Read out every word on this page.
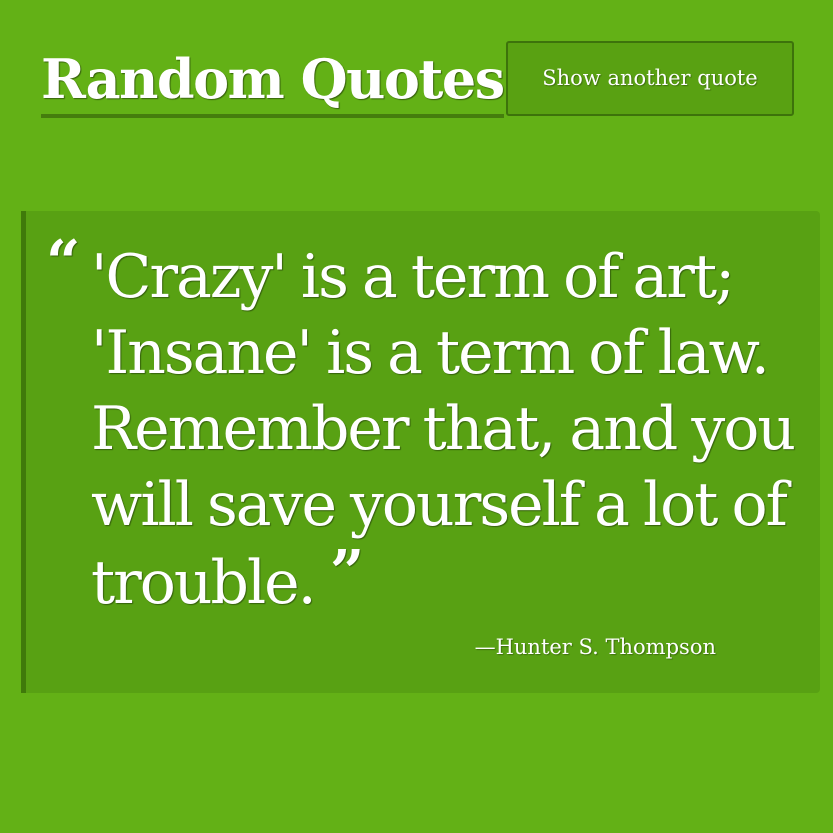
Random Quotes	Show another quote
“ 'Crazy' is a term of art; 'Insane' is a term of law. Remember that, and you will save yourself a lot of trouble. ”

—Hunter S. Thompson
